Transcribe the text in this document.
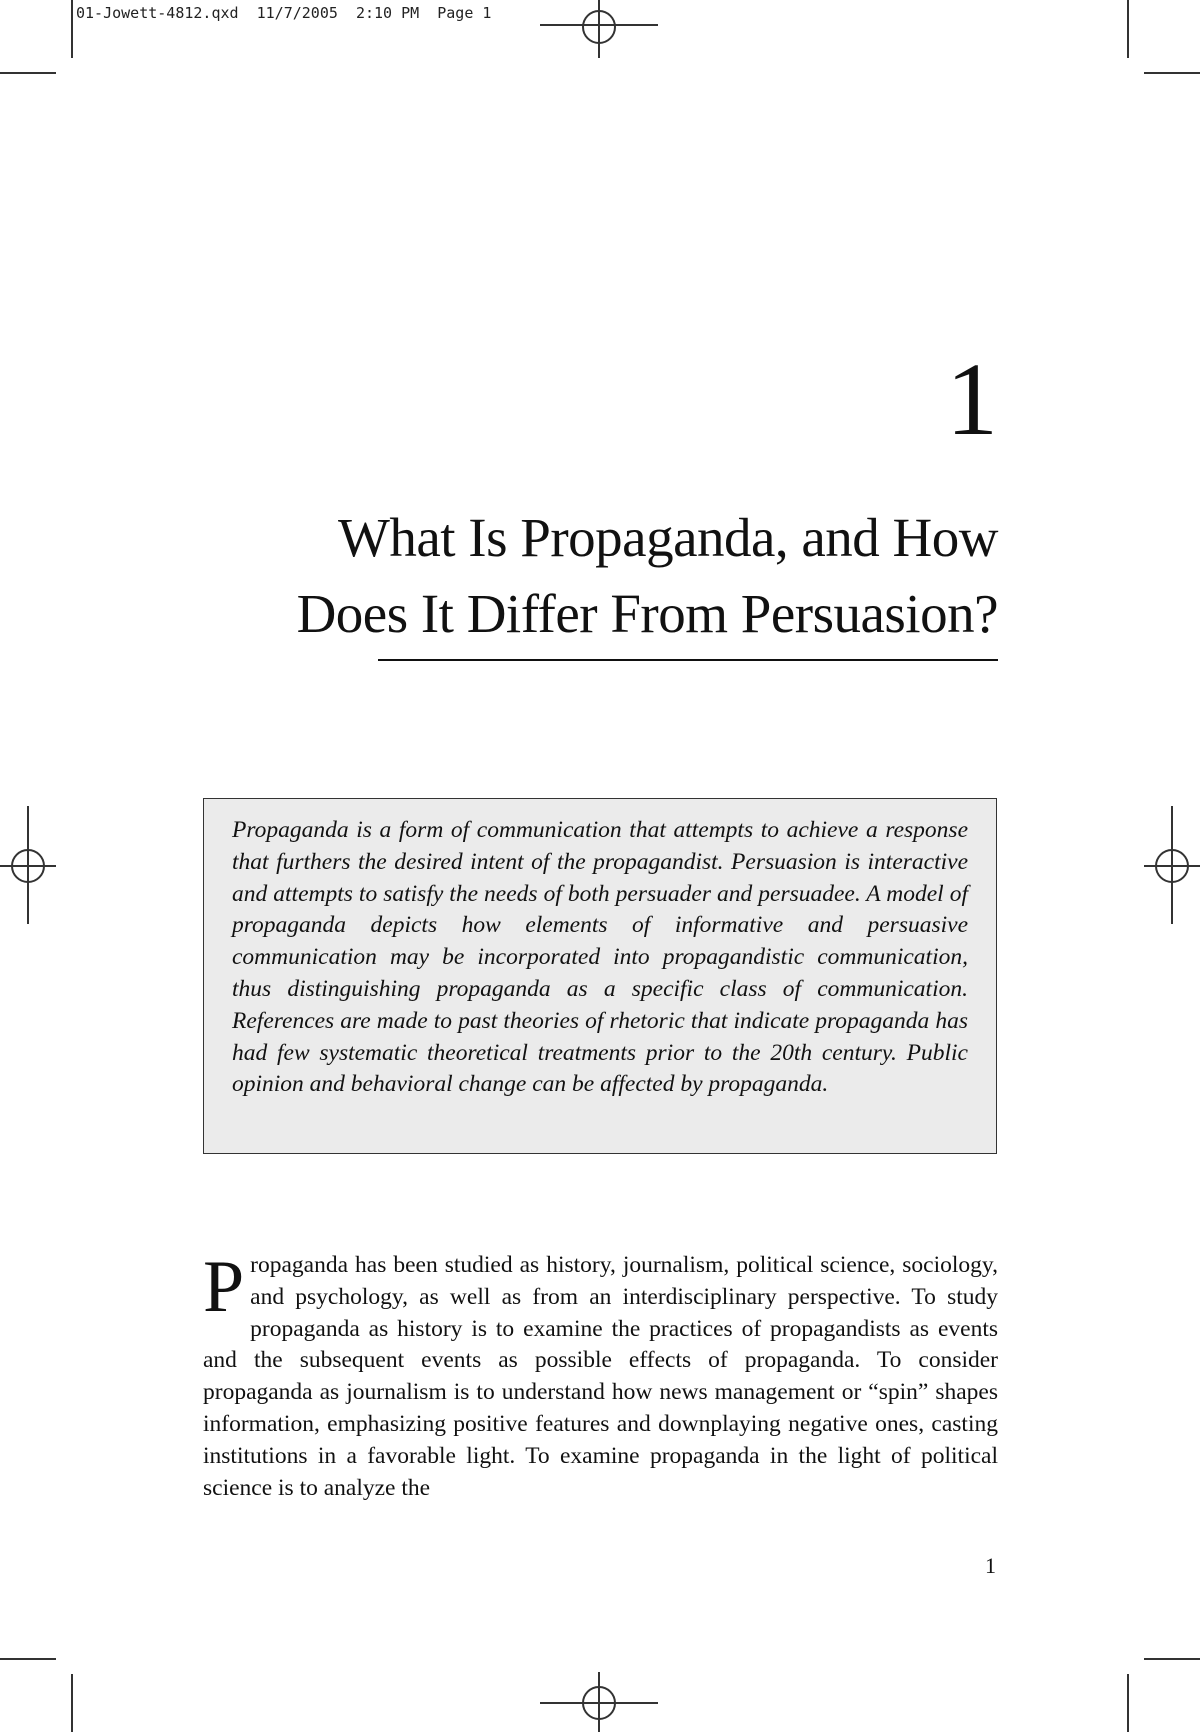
01-Jowett-4812.qxd  11/7/2005  2:10 PM  Page 1

1
What Is Propaganda, and How
Does It Differ From Persuasion?

Propaganda is a form of communication that attempts to achieve a response that furthers the desired intent of the propagandist. Persuasion is interactive and attempts to satisfy the needs of both persuader and persuadee. A model of propaganda depicts how elements of informative and persuasive communication may be incorporated into propagandistic communication, thus distinguishing propaganda as a specific class of communication. References are made to past theories of rhetoric that indicate propaganda has had few systematic theoretical treatments prior to the 20th century. Public opinion and behavioral change can be affected by propaganda.

Propaganda has been studied as history, journalism, political science, sociology, and psychology, as well as from an interdisciplinary perspective. To study propaganda as history is to examine the practices of propagandists as events and the subsequent events as possible effects of propaganda. To consider propaganda as journalism is to understand how news management or “spin” shapes information, emphasizing positive features and downplaying negative ones, casting institutions in a favorable light. To examine propaganda in the light of political science is to analyze the

1
